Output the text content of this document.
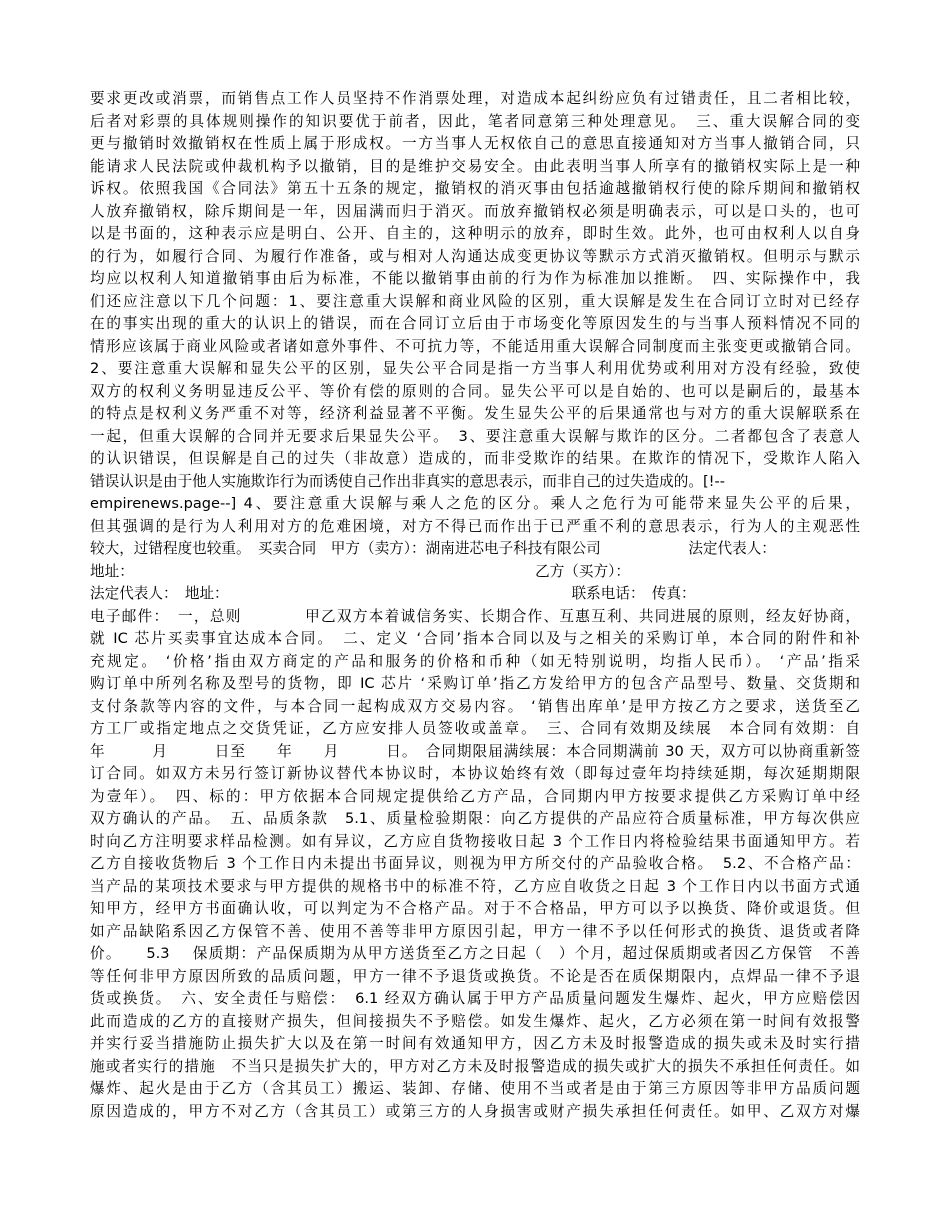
要求更改或消票，而销售点工作人员坚持不作消票处理，对造成本起纠纷应负有过错责任，且二者相比较，
后者对彩票的具体规则操作的知识要优于前者，因此，笔者同意第三种处理意见。　三、重大误解合同的变
更与撤销时效撤销权在性质上属于形成权。一方当事人无权依自己的意思直接通知对方当事人撤销合同，只
能请求人民法院或仲裁机构予以撤销，目的是维护交易安全。由此表明当事人所享有的撤销权实际上是一种
诉权。依照我国《合同法》第五十五条的规定，撤销权的消灭事由包括逾越撤销权行使的除斥期间和撤销权
人放弃撤销权，除斥期间是一年，因届满而归于消灭。而放弃撤销权必须是明确表示，可以是口头的，也可
以是书面的，这种表示应是明白、公开、自主的，这种明示的放弃，即时生效。此外，也可由权利人以自身
的行为，如履行合同、为履行作准备，或与相对人沟通达成变更协议等默示方式消灭撤销权。但明示与默示
均应以权利人知道撤销事由后为标准，不能以撤销事由前的行为作为标准加以推断。　四、实际操作中，我
们还应注意以下几个问题：1、要注意重大误解和商业风险的区别，重大误解是发生在合同订立时对已经存
在的事实出现的重大的认识上的错误，而在合同订立后由于市场变化等原因发生的与当事人预料情况不同的
情形应该属于商业风险或者诸如意外事件、不可抗力等，不能适用重大误解合同制度而主张变更或撤销合同。
2、要注意重大误解和显失公平的区别，显失公平合同是指一方当事人利用优势或利用对方没有经验，致使
双方的权利义务明显违反公平、等价有偿的原则的合同。显失公平可以是自始的、也可以是嗣后的，最基本
的特点是权利义务严重不对等，经济利益显著不平衡。发生显失公平的后果通常也与对方的重大误解联系在
一起，但重大误解的合同并无要求后果显失公平。　3、要注意重大误解与欺诈的区分。二者都包含了表意人
的认识错误，但误解是自己的过失（非故意）造成的，而非受欺诈的结果。在欺诈的情况下，受欺诈人陷入
错误认识是由于他人实施欺诈行为而诱使自己作出非真实的意思表示，而非自己的过失造成的。[!--
empirenews.page--] 4、要注意重大误解与乘人之危的区分。乘人之危行为可能带来显失公平的后果，
但其强调的是行为人利用对方的危难困境，对方不得已而作出于已严重不利的意思表示，行为人的主观恶性
较大，过错程度也较重。　买卖合同　甲方（卖方）：湖南进芯电子科技有限公司　　　　　　法定代表人：
地址：　　　　　　　　　　　　　　　　　　　　　　　　　　　　乙方（买方）：
法定代表人：　地址：　　　　　　　　　　　　　　　　　　　　　　　　联系电话：　传真：
电子邮件：　一，总则　　　　甲乙双方本着诚信务实、长期合作、互惠互利、共同进展的原则，经友好协商，
就 IC 芯片买卖事宜达成本合同。　二、定义 ‘合同’指本合同以及与之相关的采购订单，本合同的附件和补
充规定。 ‘价格’指由双方商定的产品和服务的价格和币种（如无特别说明，均指人民币）。 ‘产品’指采
购订单中所列名称及型号的货物，即 IC 芯片 ‘采购订单’指乙方发给甲方的包含产品型号、数量、交货期和
支付条款等内容的文件，与本合同一起构成双方交易内容。 ‘销售出库单’是甲方按乙方之要求，送货至乙
方工厂或指定地点之交货凭证，乙方应安排人员签收或盖章。　三、合同有效期及续展　本合同有效期：自
年　　　月　　　日至　　年　　月　　　日。　合同期限届满续展：本合同期满前 30 天，双方可以协商重新签
订合同。如双方未另行签订新协议替代本协议时，本协议始终有效（即每过壹年均持续延期，每次延期期限
为壹年）。　四、标的：甲方依据本合同规定提供给乙方产品，合同期内甲方按要求提供乙方采购订单中经
双方确认的产品。　五、品质条款　5.1、质量检验期限：向乙方提供的产品应符合质量标准，甲方每次供应
时向乙方注明要求样品检测。如有异议，乙方应自货物接收日起 3 个工作日内将检验结果书面通知甲方。若
乙方自接收货物后 3 个工作日内未提出书面异议，则视为甲方所交付的产品验收合格。　5.2、不合格产品：
当产品的某项技术要求与甲方提供的规格书中的标准不符，乙方应自收货之日起 3 个工作日内以书面方式通
知甲方，经甲方书面确认收，可以判定为不合格产品。对于不合格品，甲方可以予以换货、降价或退货。但
如产品缺陷系因乙方保管不善、使用不善等非甲方原因引起，甲方一律不予以任何形式的换货、退货或者降
价。　　5.3　 保质期：产品保质期为从甲方送货至乙方之日起（　）个月，超过保质期或者因乙方保管　不善
等任何非甲方原因所致的品质问题，甲方一律不予退货或换货。不论是否在质保期限内，点焊品一律不予退
货或换货。　六、安全责任与赔偿：　6.1 经双方确认属于甲方产品质量问题发生爆炸、起火，甲方应赔偿因
此而造成的乙方的直接财产损失，但间接损失不予赔偿。如发生爆炸、起火，乙方必须在第一时间有效报警
并实行妥当措施防止损失扩大以及在第一时间有效通知甲方，因乙方未及时报警造成的损失或未及时实行措
施或者实行的措施　不当只是损失扩大的，甲方对乙方未及时报警造成的损失或扩大的损失不承担任何责任。如
爆炸、起火是由于乙方（含其员工）搬运、装卸、存储、使用不当或者是由于第三方原因等非甲方品质问题
原因造成的，甲方不对乙方（含其员工）或第三方的人身损害或财产损失承担任何责任。如甲、乙双方对爆
